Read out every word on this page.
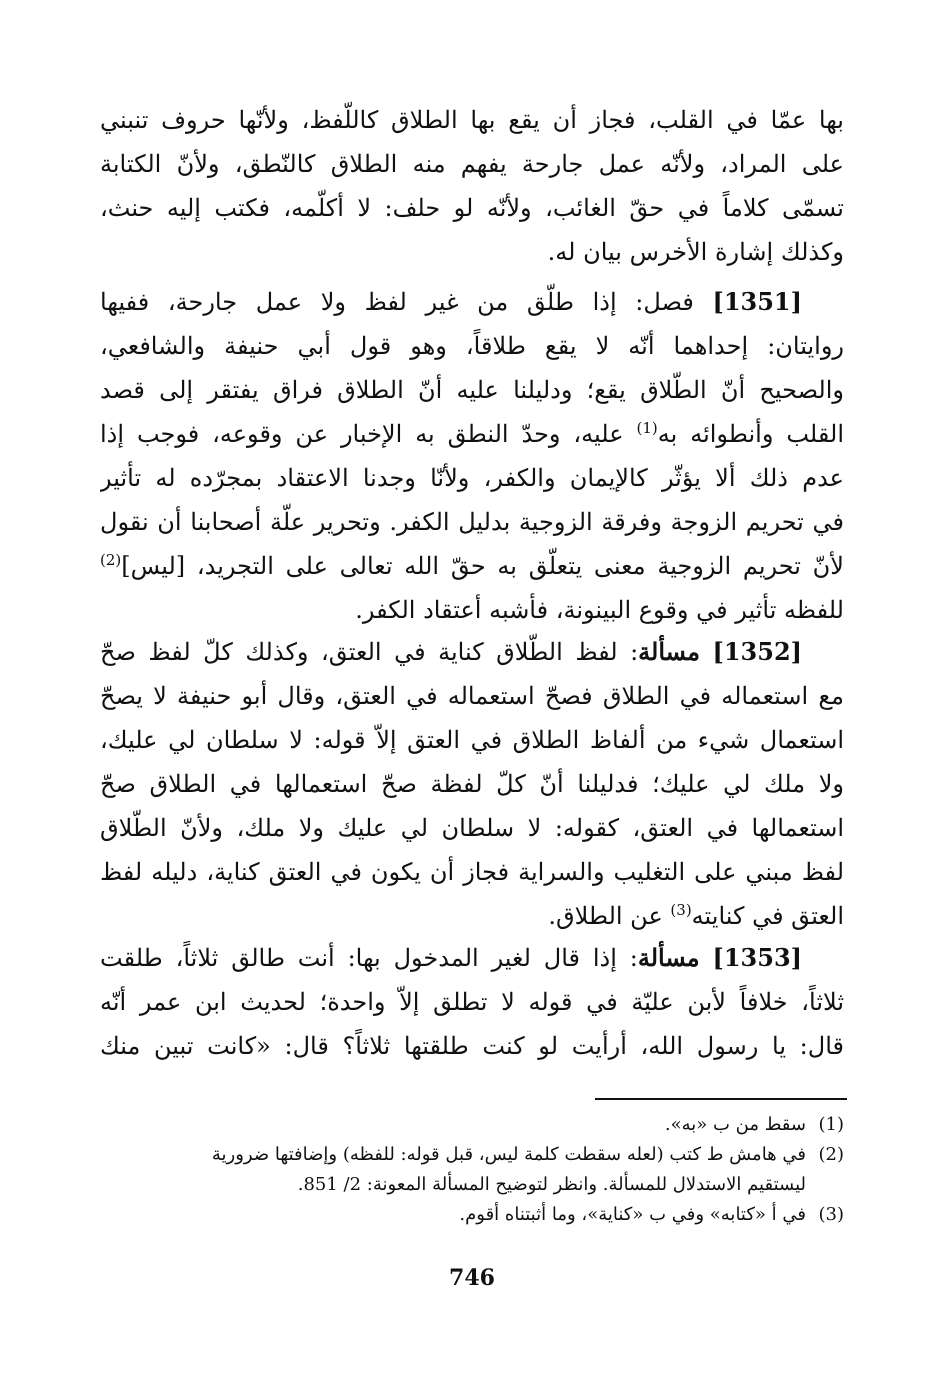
بها عمّا في القلب، فجاز أن يقع بها الطلاق كاللّفظ، ولأنّها حروف تنبني
على المراد، ولأنّه عمل جارحة يفهم منه الطلاق كالنّطق، ولأنّ الكتابة
تسمّى كلاماً في حقّ الغائب، ولأنّه لو حلف: لا أكلّمه، فكتب إليه حنث،
وكذلك إشارة الأخرس بيان له.
[1351] فصل: إذا طلّق من غير لفظ ولا عمل جارحة، ففيها
روايتان: إحداهما أنّه لا يقع طلاقاً، وهو قول أبي حنيفة والشافعي،
والصحيح أنّ الطّلاق يقع؛ ودليلنا عليه أنّ الطلاق فراق يفتقر إلى قصد
القلب وأنطوائه به$^{(1)}$ عليه، وحدّ النطق به الإخبار عن وقوعه، فوجب إذا
عدم ذلك ألا يؤثّر كالإيمان والكفر، ولأنّا وجدنا الاعتقاد بمجرّده له تأثير
في تحريم الزوجة وفرقة الزوجية بدليل الكفر. وتحرير علّة أصحابنا أن نقول
لأنّ تحريم الزوجية معنى يتعلّق به حقّ الله تعالى على التجريد، [ليس]$^{(2)}$
للفظه تأثير في وقوع البينونة، فأشبه أعتقاد الكفر.
[1352] مسألة: لفظ الطّلاق كناية في العتق، وكذلك كلّ لفظ صحّ
مع استعماله في الطلاق فصحّ استعماله في العتق، وقال أبو حنيفة لا يصحّ
استعمال شيء من ألفاظ الطلاق في العتق إلاّ قوله: لا سلطان لي عليك،
ولا ملك لي عليك؛ فدليلنا أنّ كلّ لفظة صحّ استعمالها في الطلاق صحّ
استعمالها في العتق، كقوله: لا سلطان لي عليك ولا ملك، ولأنّ الطّلاق
لفظ مبني على التغليب والسراية فجاز أن يكون في العتق كناية، دليله لفظ
العتق في كنايته$^{(3)}$ عن الطلاق.
[1353] مسألة: إذا قال لغير المدخول بها: أنت طالق ثلاثاً، طلقت
ثلاثاً، خلافاً لأبن عليّة في قوله لا تطلق إلاّ واحدة؛ لحديث ابن عمر أنّه
قال: يا رسول الله، أرأيت لو كنت طلقتها ثلاثاً؟ قال: «كانت تبين منك
(1)سقط من ب «به».
(2)في هامش ط كتب (لعله سقطت كلمة ليس، قبل قوله: للفظه) وإضافتها ضرورية
ليستقيم الاستدلال للمسألة. وانظر لتوضيح المسألة المعونة: 2/ 851.
(3)في أ «كتابه» وفي ب «كناية»، وما أثبتناه أقوم.
746
